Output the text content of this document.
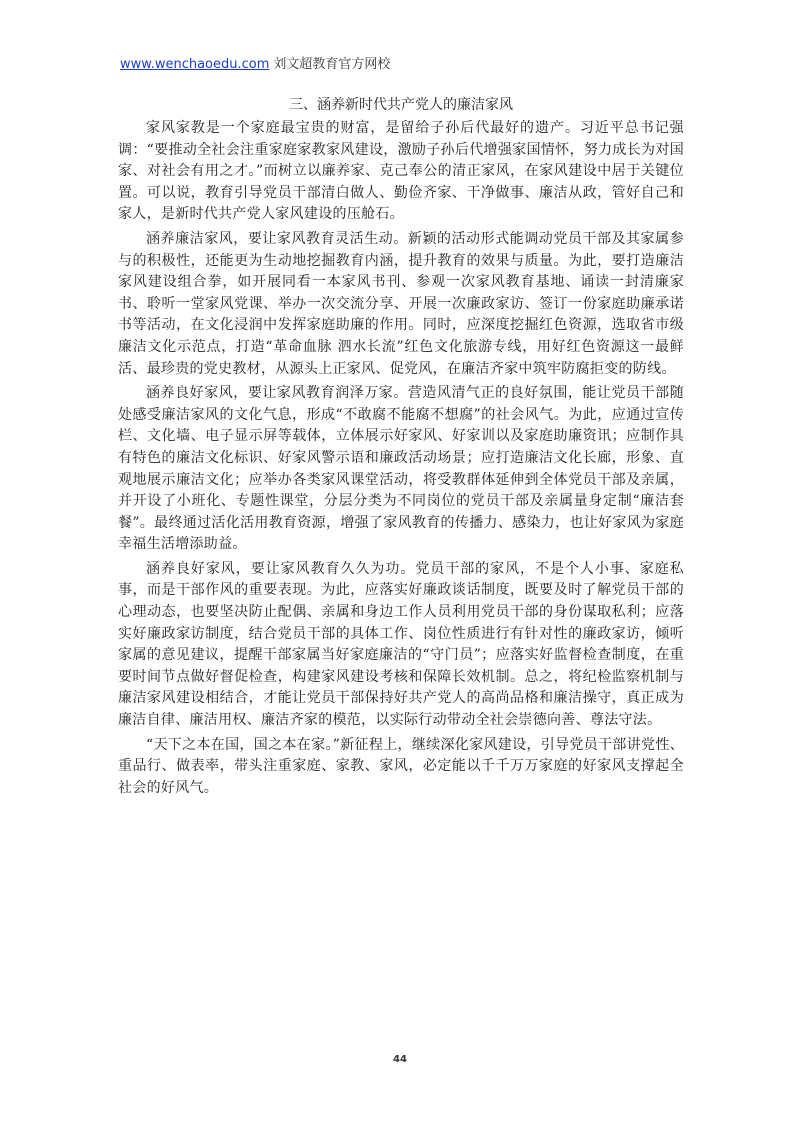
www.wenchaoedu.com 刘文超教育官方网校
三、涵养新时代共产党人的廉洁家风

家风家教是一个家庭最宝贵的财富，是留给子孙后代最好的遗产。习近平总书记强调：“要推动全社会注重家庭家教家风建设，激励子孙后代增强家国情怀，努力成长为对国家、对社会有用之才。”而树立以廉养家、克己奉公的清正家风，在家风建设中居于关键位置。可以说，教育引导党员干部清白做人、勤俭齐家、干净做事、廉洁从政，管好自己和家人，是新时代共产党人家风建设的压舱石。

涵养廉洁家风，要让家风教育灵活生动。新颖的活动形式能调动党员干部及其家属参与的积极性，还能更为生动地挖掘教育内涵，提升教育的效果与质量。为此，要打造廉洁家风建设组合拳，如开展同看一本家风书刊、参观一次家风教育基地、诵读一封清廉家书、聆听一堂家风党课、举办一次交流分享、开展一次廉政家访、签订一份家庭助廉承诺书等活动，在文化浸润中发挥家庭助廉的作用。同时，应深度挖掘红色资源，选取省市级廉洁文化示范点，打造“革命血脉 泗水长流”红色文化旅游专线，用好红色资源这一最鲜活、最珍贵的党史教材，从源头上正家风、促党风，在廉洁齐家中筑牢防腐拒变的防线。

涵养良好家风，要让家风教育润泽万家。营造风清气正的良好氛围，能让党员干部随处感受廉洁家风的文化气息，形成“不敢腐不能腐不想腐”的社会风气。为此，应通过宣传栏、文化墙、电子显示屏等载体，立体展示好家风、好家训以及家庭助廉资讯；应制作具有特色的廉洁文化标识、好家风警示语和廉政活动场景；应打造廉洁文化长廊，形象、直观地展示廉洁文化；应举办各类家风课堂活动，将受教群体延伸到全体党员干部及亲属，并开设了小班化、专题性课堂，分层分类为不同岗位的党员干部及亲属量身定制“廉洁套餐”。最终通过活化活用教育资源，增强了家风教育的传播力、感染力，也让好家风为家庭幸福生活增添助益。

涵养良好家风，要让家风教育久久为功。党员干部的家风，不是个人小事、家庭私事，而是干部作风的重要表现。为此，应落实好廉政谈话制度，既要及时了解党员干部的心理动态，也要坚决防止配偶、亲属和身边工作人员利用党员干部的身份谋取私利；应落实好廉政家访制度，结合党员干部的具体工作、岗位性质进行有针对性的廉政家访，倾听家属的意见建议，提醒干部家属当好家庭廉洁的“守门员”；应落实好监督检查制度，在重要时间节点做好督促检查，构建家风建设考核和保障长效机制。总之，将纪检监察机制与廉洁家风建设相结合，才能让党员干部保持好共产党人的高尚品格和廉洁操守，真正成为廉洁自律、廉洁用权、廉洁齐家的模范，以实际行动带动全社会崇德向善、尊法守法。

“天下之本在国，国之本在家。”新征程上，继续深化家风建设，引导党员干部讲党性、重品行、做表率，带头注重家庭、家教、家风，必定能以千千万万家庭的好家风支撑起全社会的好风气。

44
